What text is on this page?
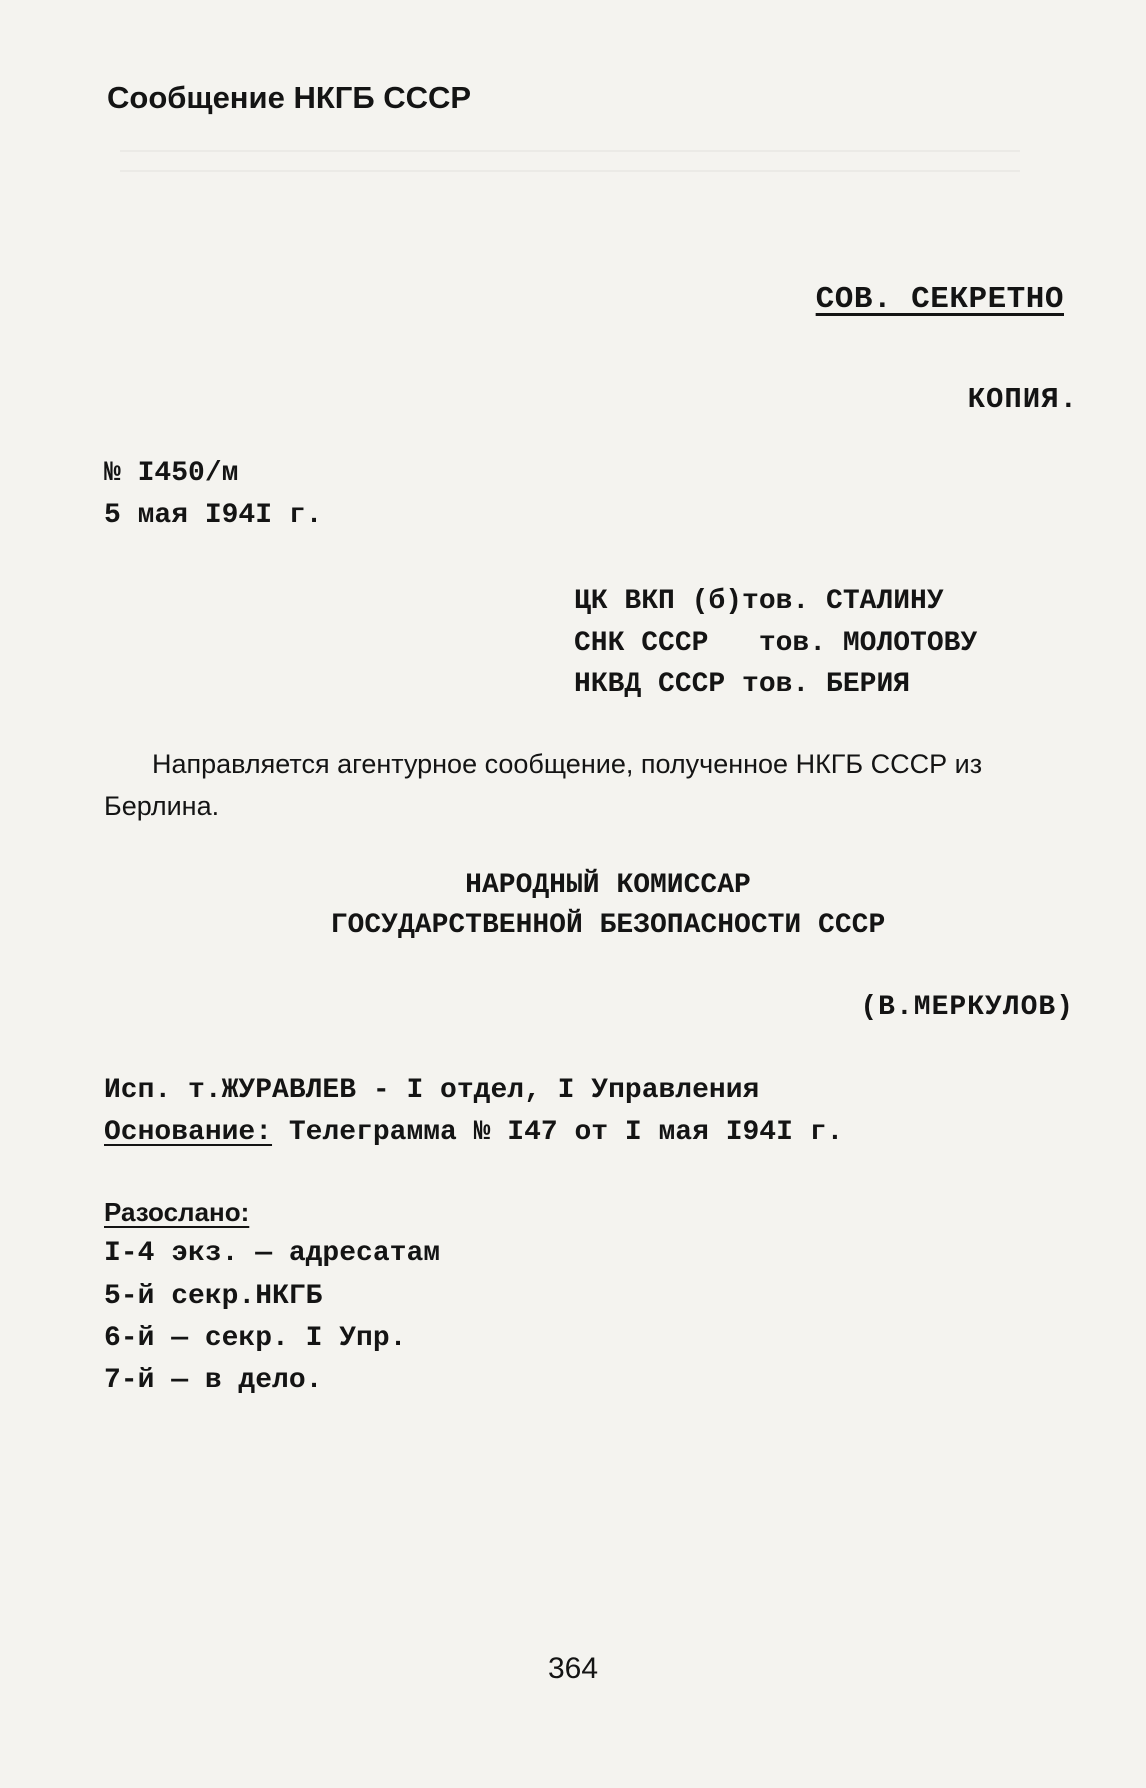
Сообщение НКГБ СССР
СОВ. СЕКРЕТНО
КОПИЯ.
№ I450/м
5 мая I94I г.
ЦК ВКП (б)тов. СТАЛИНУ
СНК СССР   тов. МОЛОТОВУ
НКВД СССР тов. БЕРИЯ
Направляется агентурное сообщение, полученное НКГБ СССР из Берлина.
НАРОДНЫЙ КОМИССАР
ГОСУДАРСТВЕННОЙ БЕЗОПАСНОСТИ СССР
(В.МЕРКУЛОВ)
Исп. т.ЖУРАВЛЕВ - I отдел, I Управления
Основание: Телеграмма № I47 от I мая I94I г.
Разослано:
I-4 экз. — адресатам
5-й секр.НКГБ
6-й — секр. I Упр.
7-й — в дело.
364
